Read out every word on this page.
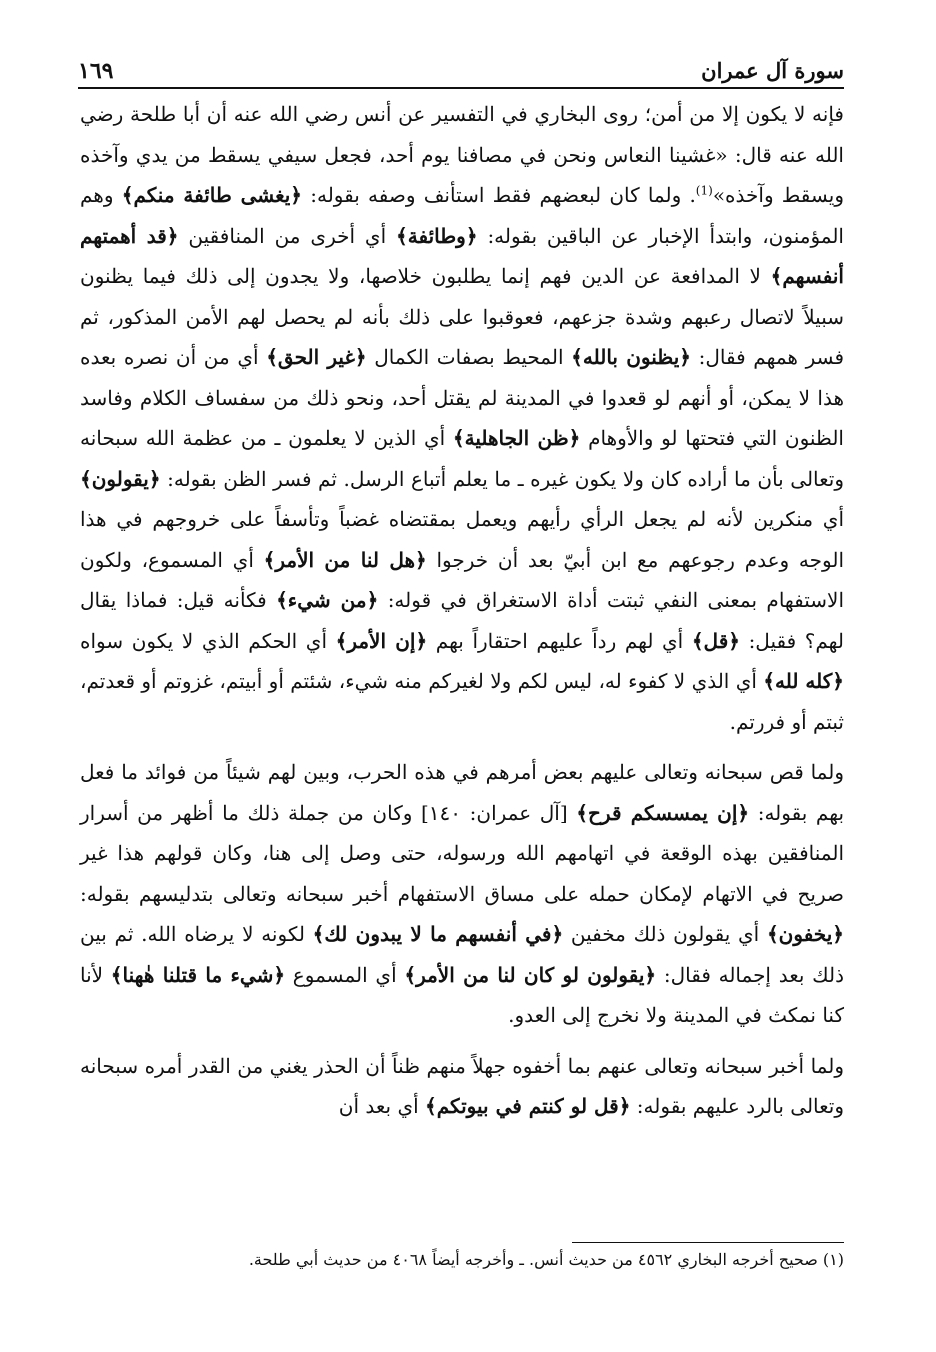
سورة آل عمران
١٦٩

فإنه لا يكون إلا من أمن؛ روى البخاري في التفسير عن أنس رضي الله عنه أن أبا طلحة رضي الله عنه قال: «غشينا النعاس ونحن في مصافنا يوم أحد، فجعل سيفي يسقط من يدي وآخذه ويسقط وآخذه»$^{(1)}$. ولما كان لبعضهم فقط استأنف وصفه بقوله: ﴿يغشى طائفة منكم﴾ وهم المؤمنون، وابتدأ الإخبار عن الباقين بقوله: ﴿وطائفة﴾ أي أخرى من المنافقين ﴿قد أهمتهم أنفسهم﴾ لا المدافعة عن الدين فهم إنما يطلبون خلاصها، ولا يجدون إلى ذلك فيما يظنون سبيلاً لاتصال رعبهم وشدة جزعهم، فعوقبوا على ذلك بأنه لم يحصل لهم الأمن المذكور، ثم فسر همهم فقال: ﴿يظنون بالله﴾ المحيط بصفات الكمال ﴿غير الحق﴾ أي من أن نصره بعده هذا لا يمكن، أو أنهم لو قعدوا في المدينة لم يقتل أحد، ونحو ذلك من سفساف الكلام وفاسد الظنون التي فتحتها لو والأوهام ﴿ظن الجاهلية﴾ أي الذين لا يعلمون ـ من عظمة الله سبحانه وتعالى بأن ما أراده كان ولا يكون غيره ـ ما يعلم أتباع الرسل. ثم فسر الظن بقوله: ﴿يقولون﴾ أي منكرين لأنه لم يجعل الرأي رأيهم ويعمل بمقتضاه غضباً وتأسفاً على خروجهم في هذا الوجه وعدم رجوعهم مع ابن أبيّ بعد أن خرجوا ﴿هل لنا من الأمر﴾ أي المسموع، ولكون الاستفهام بمعنى النفي ثبتت أداة الاستغراق في قوله: ﴿من شيء﴾ فكأنه قيل: فماذا يقال لهم؟ فقيل: ﴿قل﴾ أي لهم رداً عليهم احتقاراً بهم ﴿إن الأمر﴾ أي الحكم الذي لا يكون سواه ﴿كله لله﴾ أي الذي لا كفوء له، ليس لكم ولا لغيركم منه شيء، شئتم أو أبيتم، غزوتم أو قعدتم، ثبتم أو فررتم.

ولما قص سبحانه وتعالى عليهم بعض أمرهم في هذه الحرب، وبين لهم شيئاً من فوائد ما فعل بهم بقوله: ﴿إن يمسسكم قرح﴾ [آل عمران: ١٤٠] وكان من جملة ذلك ما أظهر من أسرار المنافقين بهذه الوقعة في اتهامهم الله ورسوله، حتى وصل إلى هنا، وكان قولهم هذا غير صريح في الاتهام لإمكان حمله على مساق الاستفهام أخبر سبحانه وتعالى بتدليسهم بقوله: ﴿يخفون﴾ أي يقولون ذلك مخفين ﴿في أنفسهم ما لا يبدون لك﴾ لكونه لا يرضاه الله. ثم بين ذلك بعد إجماله فقال: ﴿يقولون لو كان لنا من الأمر﴾ أي المسموع ﴿شيء ما قتلنا هٰهنا﴾ لأنا كنا نمكث في المدينة ولا نخرج إلى العدو.

ولما أخبر سبحانه وتعالى عنهم بما أخفوه جهلاً منهم ظناً أن الحذر يغني من القدر أمره سبحانه وتعالى بالرد عليهم بقوله: ﴿قل لو كنتم في بيوتكم﴾ أي بعد أن

(١) صحيح أخرجه البخاري ٤٥٦٢ من حديث أنس. ـ وأخرجه أيضاً ٤٠٦٨ من حديث أبي طلحة.
